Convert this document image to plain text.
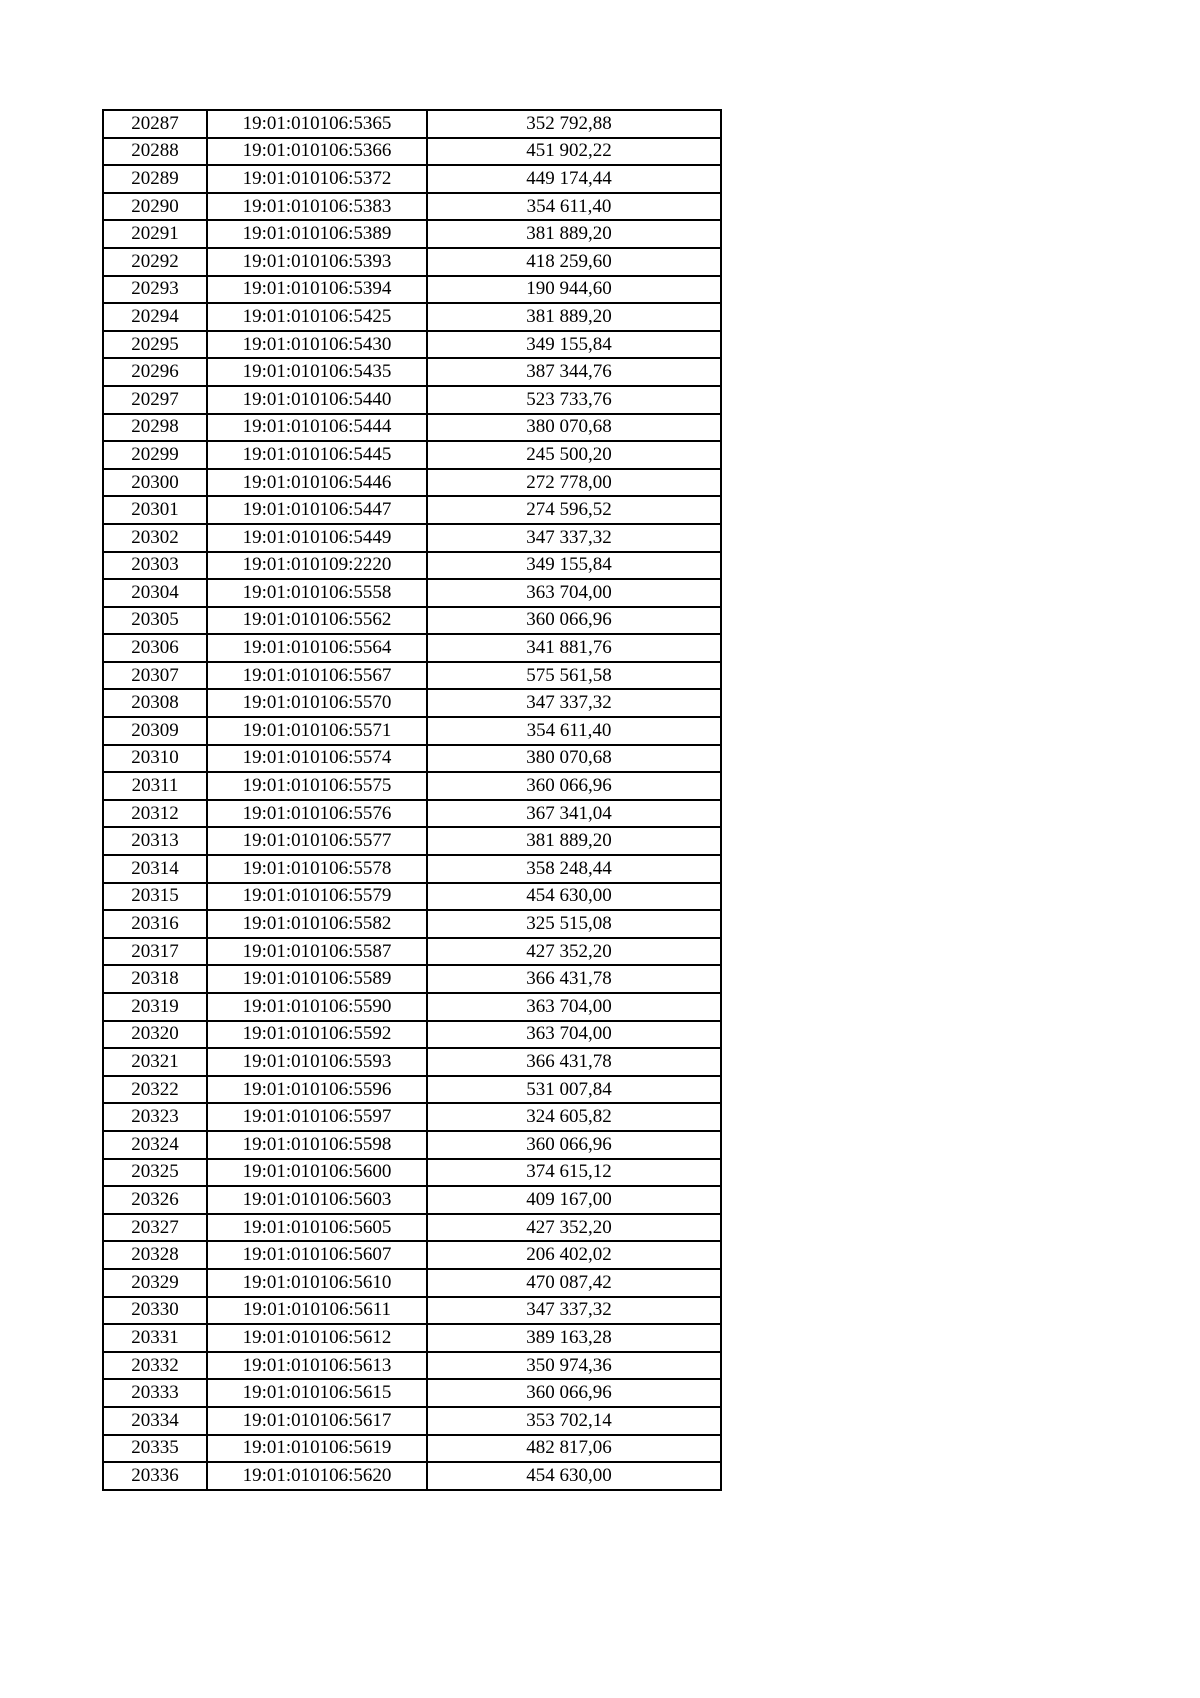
20287	19:01:010106:5365	352 792,88
20288	19:01:010106:5366	451 902,22
20289	19:01:010106:5372	449 174,44
20290	19:01:010106:5383	354 611,40
20291	19:01:010106:5389	381 889,20
20292	19:01:010106:5393	418 259,60
20293	19:01:010106:5394	190 944,60
20294	19:01:010106:5425	381 889,20
20295	19:01:010106:5430	349 155,84
20296	19:01:010106:5435	387 344,76
20297	19:01:010106:5440	523 733,76
20298	19:01:010106:5444	380 070,68
20299	19:01:010106:5445	245 500,20
20300	19:01:010106:5446	272 778,00
20301	19:01:010106:5447	274 596,52
20302	19:01:010106:5449	347 337,32
20303	19:01:010109:2220	349 155,84
20304	19:01:010106:5558	363 704,00
20305	19:01:010106:5562	360 066,96
20306	19:01:010106:5564	341 881,76
20307	19:01:010106:5567	575 561,58
20308	19:01:010106:5570	347 337,32
20309	19:01:010106:5571	354 611,40
20310	19:01:010106:5574	380 070,68
20311	19:01:010106:5575	360 066,96
20312	19:01:010106:5576	367 341,04
20313	19:01:010106:5577	381 889,20
20314	19:01:010106:5578	358 248,44
20315	19:01:010106:5579	454 630,00
20316	19:01:010106:5582	325 515,08
20317	19:01:010106:5587	427 352,20
20318	19:01:010106:5589	366 431,78
20319	19:01:010106:5590	363 704,00
20320	19:01:010106:5592	363 704,00
20321	19:01:010106:5593	366 431,78
20322	19:01:010106:5596	531 007,84
20323	19:01:010106:5597	324 605,82
20324	19:01:010106:5598	360 066,96
20325	19:01:010106:5600	374 615,12
20326	19:01:010106:5603	409 167,00
20327	19:01:010106:5605	427 352,20
20328	19:01:010106:5607	206 402,02
20329	19:01:010106:5610	470 087,42
20330	19:01:010106:5611	347 337,32
20331	19:01:010106:5612	389 163,28
20332	19:01:010106:5613	350 974,36
20333	19:01:010106:5615	360 066,96
20334	19:01:010106:5617	353 702,14
20335	19:01:010106:5619	482 817,06
20336	19:01:010106:5620	454 630,00
